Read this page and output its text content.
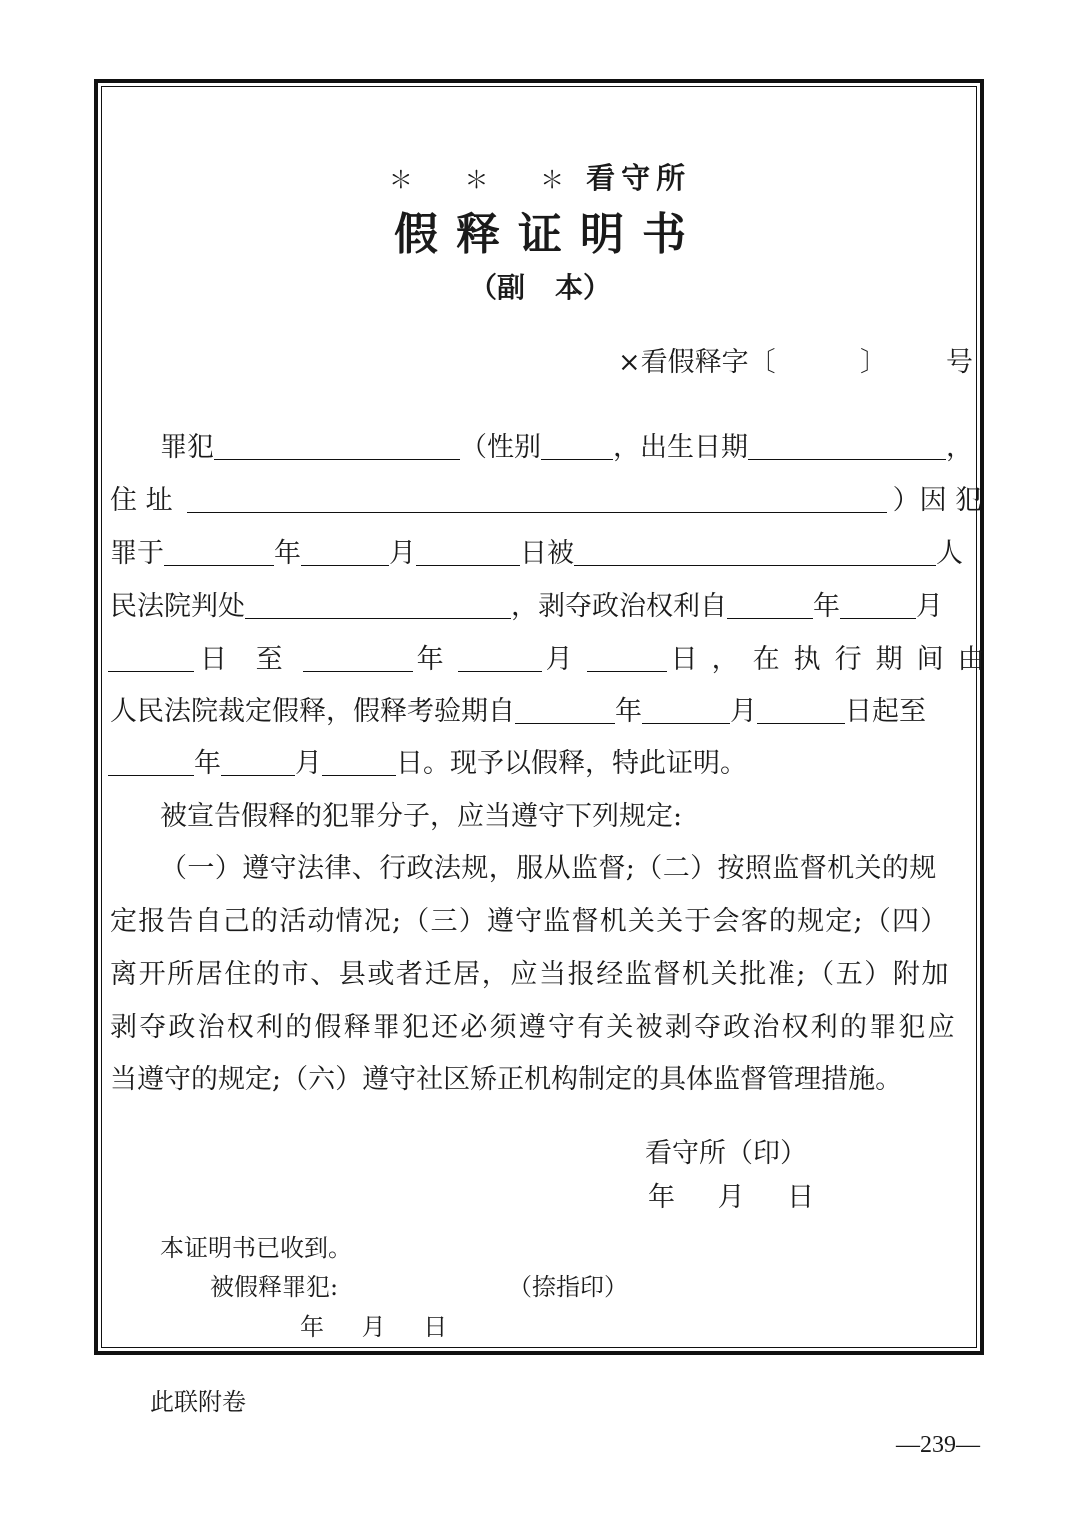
＊ ＊ ＊看守所
假释证明书
（副 本）
×看假释字〔	〕 号
罪犯	（性别	，出生日期	，
住 址	）因 犯
罪于	年	月	日被	人
民法院判处	，剥夺政治权利自	年	月
日 至	年	月	日，在执行期间由
人民法院裁定假释，假释考验期自	年	月	日起至
年	月	日。现予以假释，特此证明。
被宣告假释的犯罪分子，应当遵守下列规定:
（一）遵守法律、行政法规，服从监督;（二）按照监督机关的规
定报告自己的活动情况;（三）遵守监督机关关于会客的规定;（四）
离开所居住的市、县或者迁居，应当报经监督机关批准;（五）附加
剥夺政治权利的假释罪犯还必须遵守有关被剥夺政治权利的罪犯应
当遵守的规定;（六）遵守社区矫正机构制定的具体监督管理措施。
看守所（印）
年 月 日
本证明书已收到。
被假释罪犯:	（捺指印）
年 月 日
此联附卷
—239—
